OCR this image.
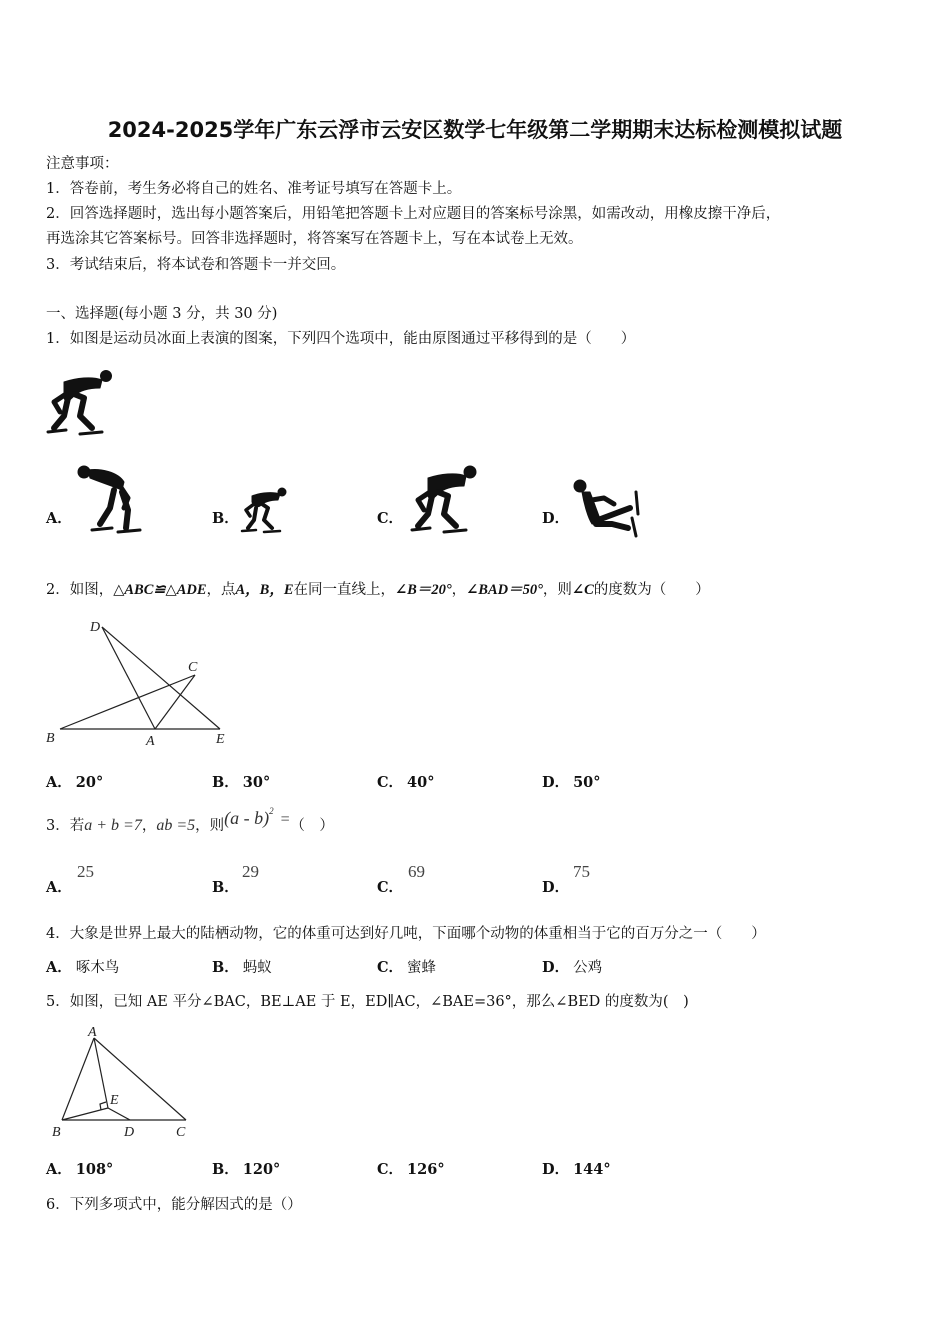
2024-2025学年广东云浮市云安区数学七年级第二学期期末达标检测模拟试题
注意事项：
1．答卷前，考生务必将自己的姓名、准考证号填写在答题卡上。
2．回答选择题时，选出每小题答案后，用铅笔把答题卡上对应题目的答案标号涂黑，如需改动，用橡皮擦干净后，
再选涂其它答案标号。回答非选择题时，将答案写在答题卡上，写在本试卷上无效。
3．考试结束后，将本试卷和答题卡一并交回。
一、选择题(每小题 3 分，共 30 分)
1．如图是运动员冰面上表演的图案，下列四个选项中，能由原图通过平移得到的是（　　）
A．	B．	C．	D．
2．如图，△ABC≌△ADE，点A，B，E在同一直线上，∠B＝20°，∠BAD＝50°，则∠C的度数为（　　）
D
C
B	A	E
A． 20°	B． 30°	C． 40°	D． 50°
3．若a + b =7，ab =5，则(a - b)$^2$ =（　）
A．
25
B．
29
C．
69
D．
75
4．大象是世界上最大的陆栖动物，它的体重可达到好几吨，下面哪个动物的体重相当于它的百万分之一（　　）
A． 啄木鸟	B． 蚂蚁	C． 蜜蜂	D． 公鸡
5．如图，已知 AE 平分∠BAC，BE⊥AE 于 E，ED∥AC，∠BAE=36°，那么∠BED 的度数为(　)
A
E
B	D	C
A． 108°	B． 120°	C． 126°	D． 144°
6．下列多项式中，能分解因式的是（）
